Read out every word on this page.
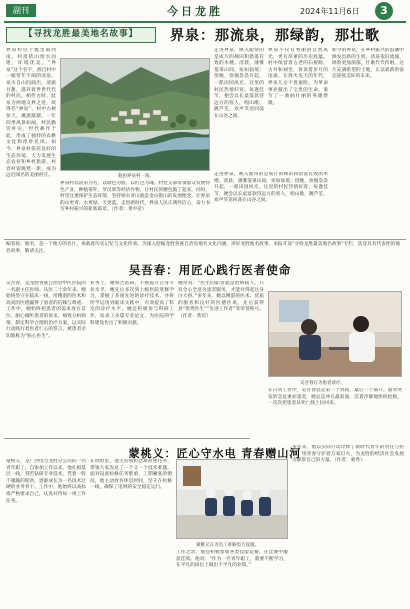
副刊	今日龙胜	2024年11月6日	3
【寻找龙胜最美地名故事】	界泉：那流泉，那绿韵，那壮歌
界泉村位于瓢里镇西南，村落依山傍水而建，环境优美。“界泉”这个名字，源自村中一眼常年不竭的清泉。泉水自山间涌出，清澈甘甜，滋养着世世代代的村民。相传古时，此泉为两地交界之处，故得名“界泉”。村中古树参天，溪流潺潺，一年四季风景如画。村民勤劳朴实，世代耕作于此，形成了独特的农耕文化和淳朴民风。如今，界泉村依托良好的生态环境，大力发展生态农业和乡村旅游，村容村貌焕然一新，成为远近闻名的美丽村庄。	航拍界泉村一角。
走进界泉，映入眼帘的是成片的梯田和错落有致的木楼。清晨，薄雾笼罩山间，宛如仙境；傍晚，炊烟袅袅升起，一派田园风光。这里的村民热情好客，每逢佳节，便会以长桌宴款待远方的客人，唱山歌、跳芦笙，欢声笑语回荡在山谷之间。
界泉不仅有秀丽的自然风光，更有厚重的历史底蕴。村中保留着古老的石板路、古井和祠堂，诉说着岁月的沧桑。在烽火连天的年代，界泉儿女不畏艰险，为革命事业献出了宝贵的生命，谱写了一曲曲壮丽的英雄赞歌。
如今的界泉，在乡村振兴的浪潮中焕发出新的生机。清泉依旧流淌，绿韵更加浓郁，壮歌代代传唱。这片充满希望的土地，正以崭新的姿态迎接美好的未来。
界泉村以清泉为名，以绿色为底，以红色为魂。村党支部带领群众发展特色产业，种植茶叶、罗汉果等经济作物，让村民的腰包鼓了起来。同时，村里注重保护生态环境，坚持绿水青山就是金山银山的发展理念，让界泉的山更青、水更绿、天更蓝。走进新时代，界泉人民正满怀信心，奋力书写乡村振兴的崭新篇章。（作者：黄中帝）
走进界泉，映入眼帘的是成片的梯田和错落有致的木楼。清晨，薄雾笼罩山间，宛如仙境；傍晚，炊烟袅袅升起，一派田园风光。这里的村民热情好客，每逢佳节，便会以长桌宴款待远方的客人，唱山歌、跳芦笙，欢声笑语回荡在山谷之间。
编者按：地名，是一个地方的名片，承载着历史记忆与文化传承。为深入挖掘龙胜各族自治县地名文化内涵，讲好龙胜地名故事，本报开设“寻找龙胜最美地名故事”专栏，选登具有代表性的地名故事，敬请关注。
吴吾春：用匠心践行医者使命
吴吾春，是龙胜各族自治县中医医院的一名副主任医师。从医二十余年来，她始终坚守在临床一线，用精湛的医术和高尚的医德赢得了患者的信赖与尊重。工作中，她始终把患者的需求放在首位，耐心倾听患者的诉求，细致分析病情，制定科学合理的治疗方案，以实际行动践行着医者仁心的誓言，被患者亲切地称为“贴心医生”。
业务上，她刻苦钻研，不断提升自身专业水平。她先后多次到上级医院进修学习，掌握了多项先进的诊疗技术，并将所学运用到临床实践中，有效提高了科室的诊疗水平。她还积极参与科研工作，发表了多篇专业论文，为医院的学科建设作出了积极贡献。
她常说：“医生的职责就是治病救人，只有全心全意为患者服务，才能对得起这身白大褂。”多年来，她以精湛的医术、优质的服务和良好的医德医风，先后获得县“优秀医生”“先进工作者”等荣誉称号。（作者：黄培）
吴吾春在为患者诊疗。
在日常工作中，吴吾春总是第一个到岗，最后一个离开。面对突发的急危重症患者，她总是冲在最前面，沉着冷静地组织抢救，一次次把患者从死亡线上拉回来。
蒙桃义：匠心守水电 青春赠山河
蒙桃义，是广西电力龙胜分公司的一名青年职工。自参加工作以来，他扎根基层一线，刻苦钻研专业技术，凭着一股不服输的韧劲，逐渐成长为一名技术过硬的业务骨干。工作中，他始终以高标准严格要求自己，认真对待每一项工作任务。
在班组里，他主动承担急难险重任务，带领大家攻克了一个又一个技术难题。面对设备检修任务繁重、工期紧张的情况，他主动放弃休息时间，坚守在检修一线，确保了电网的安全稳定运行。
蒙桃义在为员工讲解电力设施。
工作之余，他还积极参加各类技能竞赛，在比赛中屡获佳绩。他说：“作为一名青年职工，就要不断学习，在平凡的岗位上做出不平凡的业绩。”
多年来，他以实际行动诠释了新时代青年的责任与担当，用青春守护着万家灯火，为龙胜的经济社会发展贡献着自己的力量。（作者：蒙秀）
